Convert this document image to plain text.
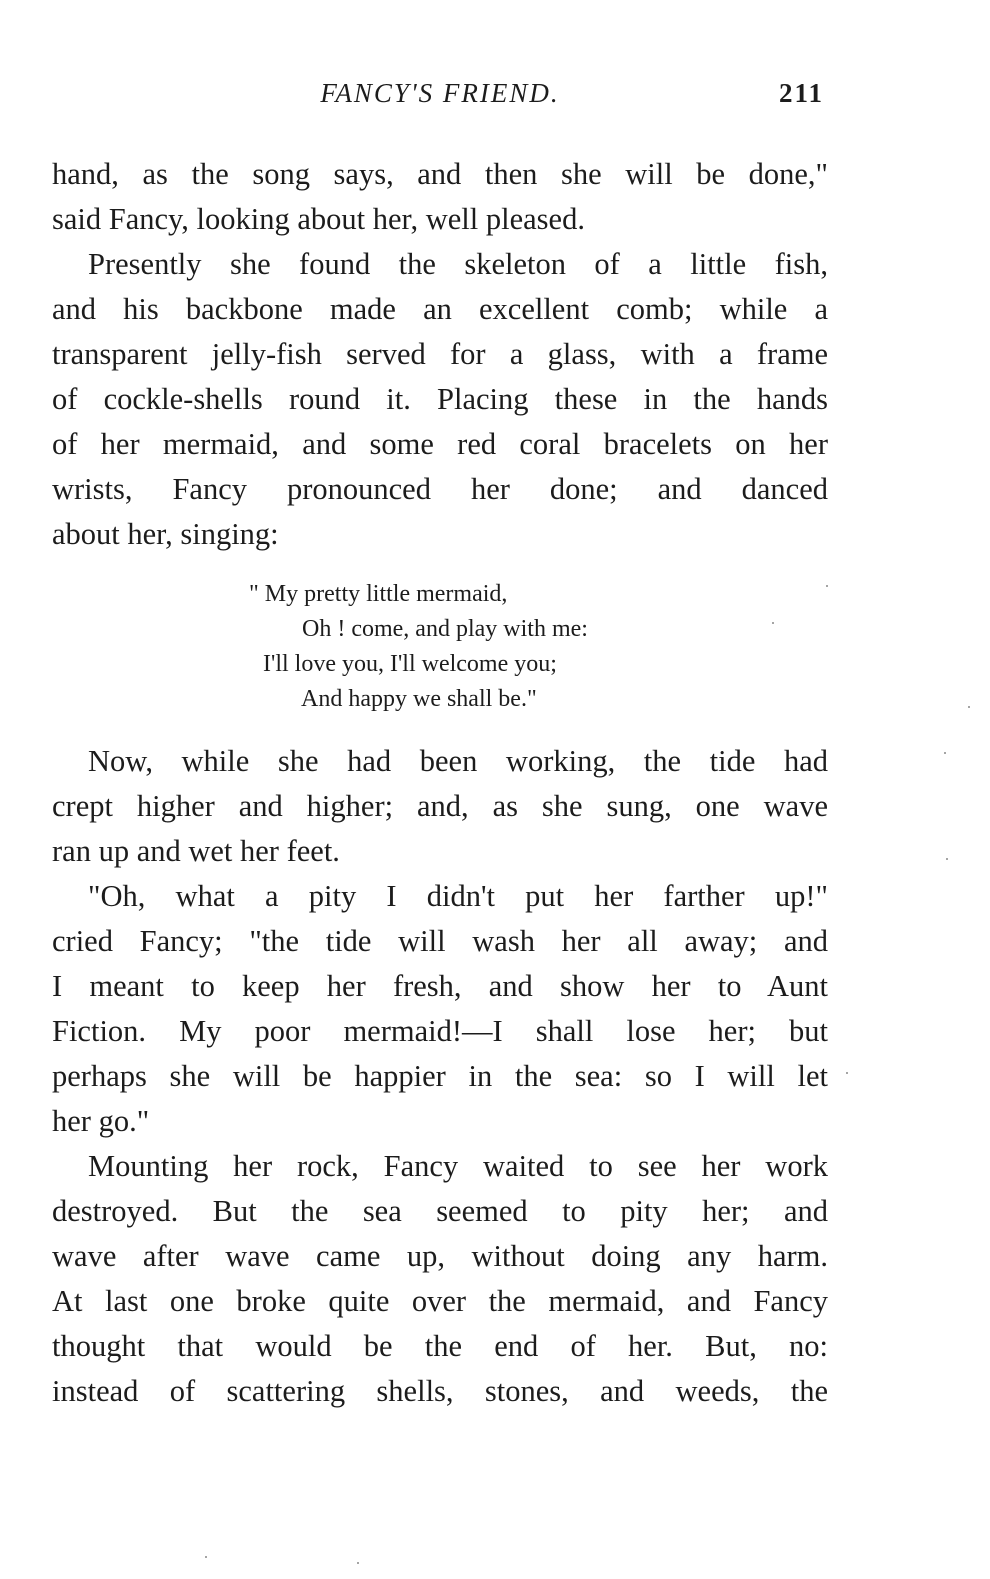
FANCY'S FRIEND.	211

hand, as the song says, and then she will be done,"

said Fancy, looking about her, well pleased.

Presently she found the skeleton of a little fish,

and his backbone made an excellent comb; while a

transparent jelly-fish served for a glass, with a frame

of cockle-shells round it. Placing these in the hands

of her mermaid, and some red coral bracelets on her

wrists, Fancy pronounced her done; and danced

about her, singing:

" My pretty little mermaid,
Oh ! come, and play with me:
I'll love you, I'll welcome you;
And happy we shall be."

Now, while she had been working, the tide had

crept higher and higher; and, as she sung, one wave

ran up and wet her feet.

"Oh, what a pity I didn't put her farther up!"

cried Fancy; "the tide will wash her all away; and

I meant to keep her fresh, and show her to Aunt

Fiction. My poor mermaid!—I shall lose her; but

perhaps she will be happier in the sea: so I will let

her go."

Mounting her rock, Fancy waited to see her work

destroyed. But the sea seemed to pity her; and

wave after wave came up, without doing any harm.

At last one broke quite over the mermaid, and Fancy

thought that would be the end of her. But, no:

instead of scattering shells, stones, and weeds, the
